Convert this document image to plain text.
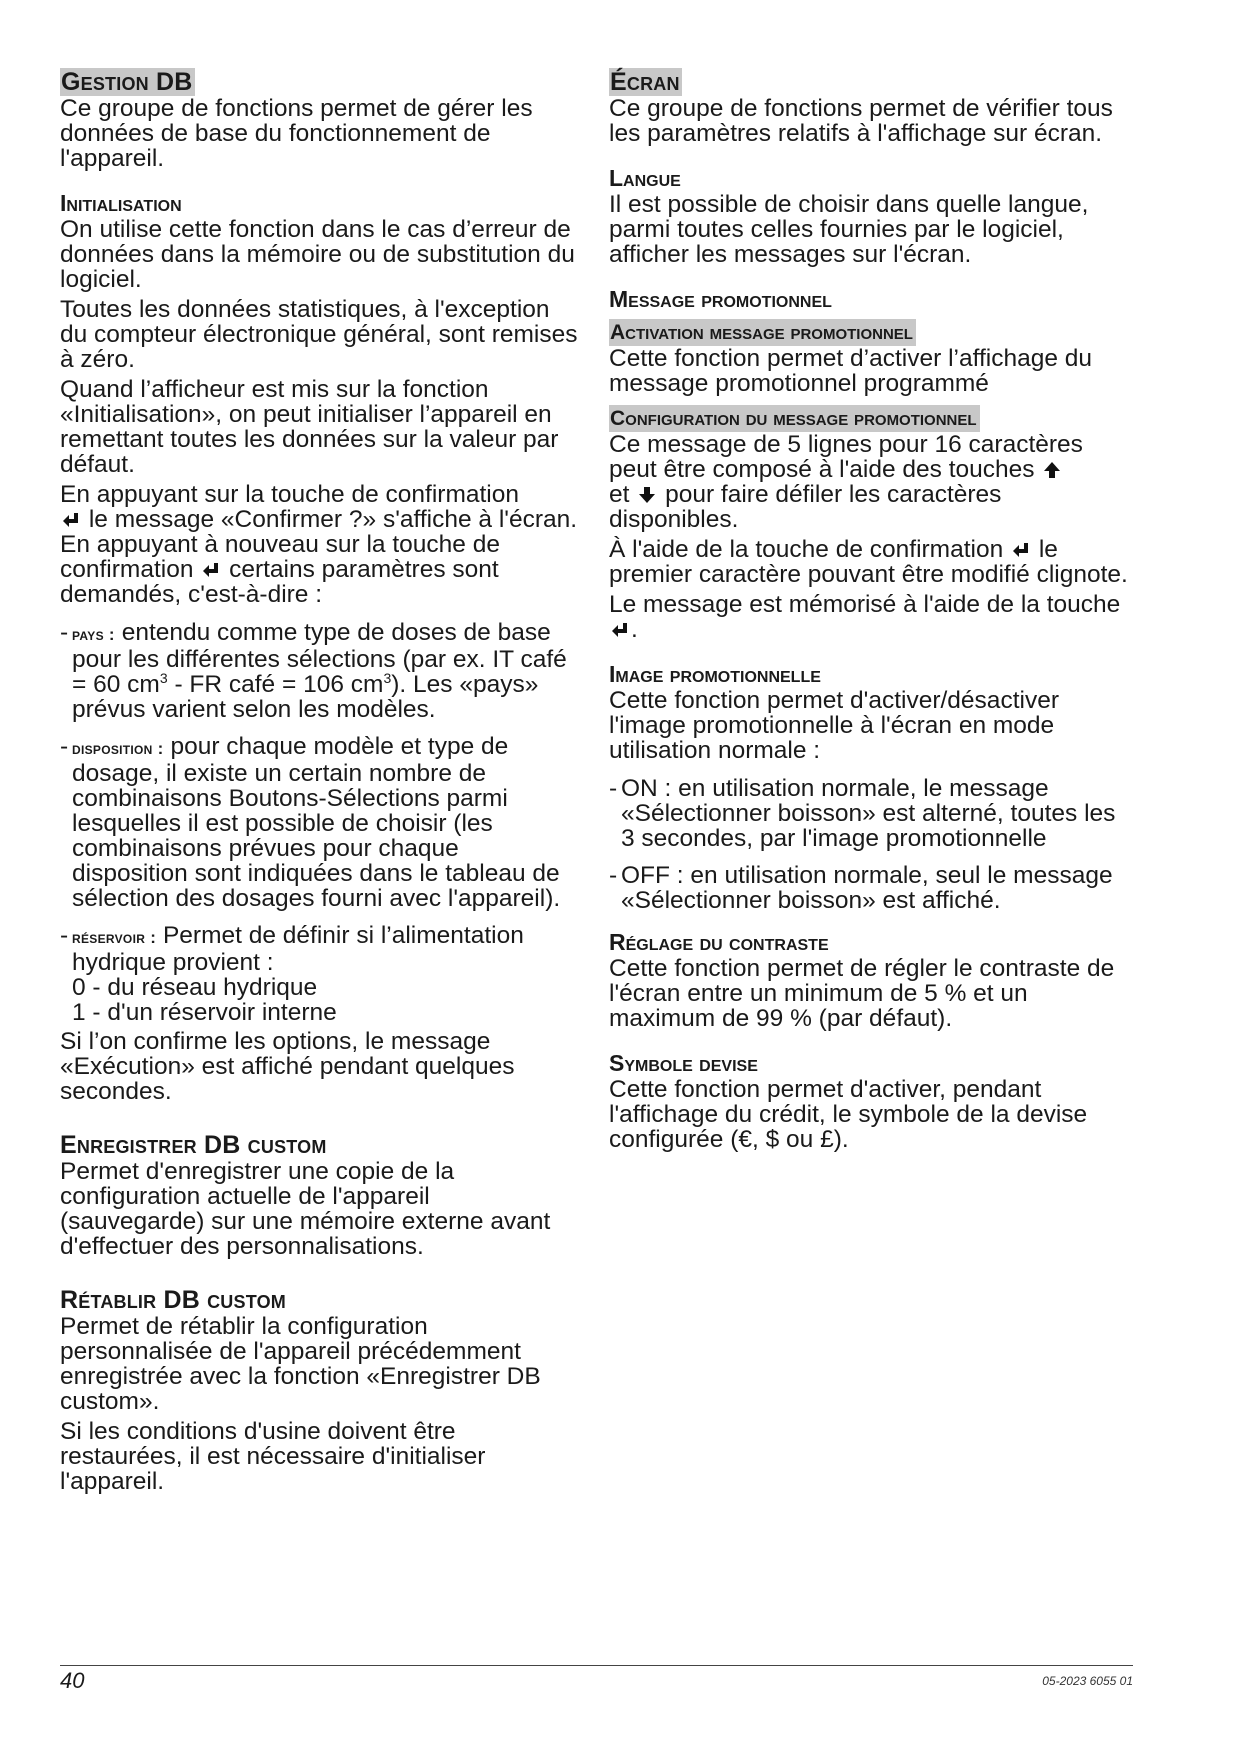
Gestion DB

Ce groupe de fonctions permet de gérer les données de base du fonctionnement de l'appareil.

Initialisation

On utilise cette fonction dans le cas d’erreur de données dans la mémoire ou de substitution du logiciel.

Toutes les données statistiques, à l'exception du compteur électronique général, sont remises à zéro.

Quand l’afficheur est mis sur la fonction «Initialisation», on peut initialiser l’appareil en remettant toutes les données sur la valeur par défaut.

En appuyant sur la touche de confirmation
le message «Confirmer ?» s'affiche à l'écran. En appuyant à nouveau sur la touche de confirmation certains paramètres sont demandés, c'est-à-dire :

- pays : entendu comme type de doses de base pour les différentes sélections (par ex. IT café = 60 $cm^3$ - FR café = 106 $cm^3$). Les «pays» prévus varient selon les modèles.
- disposition : pour chaque modèle et type de dosage, il existe un certain nombre de combinaisons Boutons-Sélections parmi lesquelles il est possible de choisir (les combinaisons prévues pour chaque disposition sont indiquées dans le tableau de sélection des dosages fourni avec l'appareil).
- réservoir : Permet de définir si l’alimentation hydrique provient :
0 - du réseau hydrique
1 - d'un réservoir interne

Si l’on confirme les options, le message «Exécution» est affiché pendant quelques secondes.

Enregistrer DB custom

Permet d'enregistrer une copie de la configuration actuelle de l'appareil (sauvegarde) sur une mémoire externe avant d'effectuer des personnalisations.

Rétablir DB custom

Permet de rétablir la configuration personnalisée de l'appareil précédemment enregistrée avec la fonction «Enregistrer DB custom».

Si les conditions d'usine doivent être restaurées, il est nécessaire d'initialiser l'appareil.

Écran

Ce groupe de fonctions permet de vérifier tous les paramètres relatifs à l'affichage sur écran.

Langue

Il est possible de choisir dans quelle langue, parmi toutes celles fournies par le logiciel, afficher les messages sur l'écran.

Message promotionnel
Activation message promotionnel

Cette fonction permet d’activer l’affichage du message promotionnel programmé

Configuration du message promotionnel

Ce message de 5 lignes pour 16 caractères peut être composé à l'aide des touches
et pour faire défiler les caractères disponibles.

À l'aide de la touche de confirmation le premier caractère pouvant être modifié clignote.

Le message est mémorisé à l'aide de la touche.

Image promotionnelle

Cette fonction permet d'activer/désactiver l'image promotionnelle à l'écran en mode utilisation normale :

- ON : en utilisation normale, le message «Sélectionner boisson» est alterné, toutes les 3 secondes, par l'image promotionnelle
- OFF : en utilisation normale, seul le message «Sélectionner boisson» est affiché.
Réglage du contraste

Cette fonction permet de régler le contraste de l'écran entre un minimum de 5 % et un maximum de 99 % (par défaut).

Symbole devise

Cette fonction permet d'activer, pendant l'affichage du crédit, le symbole de la devise configurée (€, $ ou £).

40	05-2023 6055 01
